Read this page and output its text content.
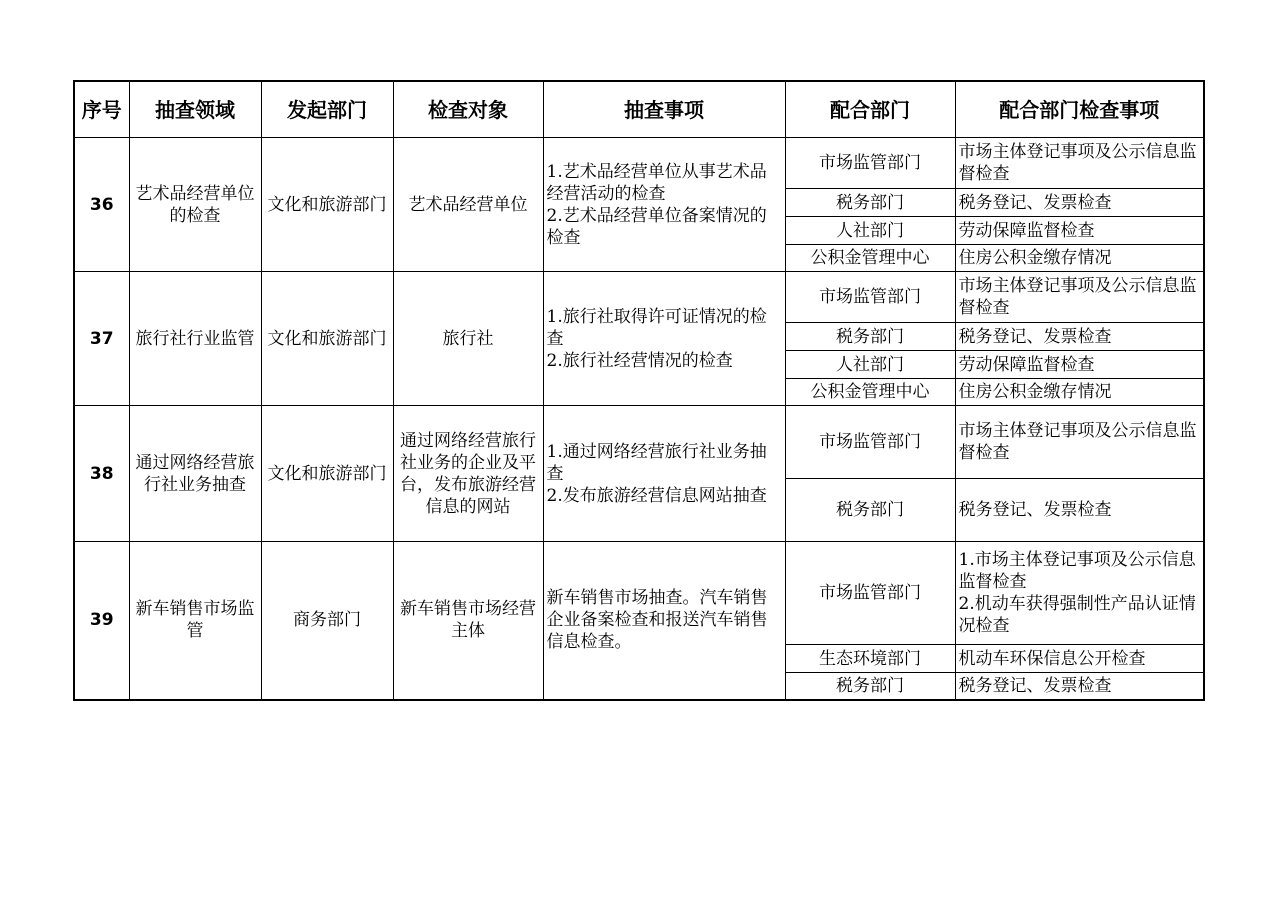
序号	抽查领域	发起部门	检查对象	抽查事项	配合部门	配合部门检查事项
36	艺术品经营单位的检查	文化和旅游部门	艺术品经营单位	1.艺术品经营单位从事艺术品经营活动的检查
2.艺术品经营单位备案情况的检查	市场监管部门	市场主体登记事项及公示信息监督检查
					税务部门	税务登记、发票检查
					人社部门	劳动保障监督检查
					公积金管理中心	住房公积金缴存情况
37	旅行社行业监管	文化和旅游部门	旅行社	1.旅行社取得许可证情况的检查
2.旅行社经营情况的检查	市场监管部门	市场主体登记事项及公示信息监督检查
					税务部门	税务登记、发票检查
					人社部门	劳动保障监督检查
					公积金管理中心	住房公积金缴存情况
38	通过网络经营旅行社业务抽查	文化和旅游部门	通过网络经营旅行社业务的企业及平台，发布旅游经营信息的网站	1.通过网络经营旅行社业务抽查
2.发布旅游经营信息网站抽查	市场监管部门	市场主体登记事项及公示信息监督检查
					税务部门	税务登记、发票检查
39	新车销售市场监管	商务部门	新车销售市场经营主体	新车销售市场抽查。汽车销售企业备案检查和报送汽车销售信息检查。	市场监管部门	1.市场主体登记事项及公示信息监督检查
2.机动车获得强制性产品认证情况检查
					生态环境部门	机动车环保信息公开检查
					税务部门	税务登记、发票检查
